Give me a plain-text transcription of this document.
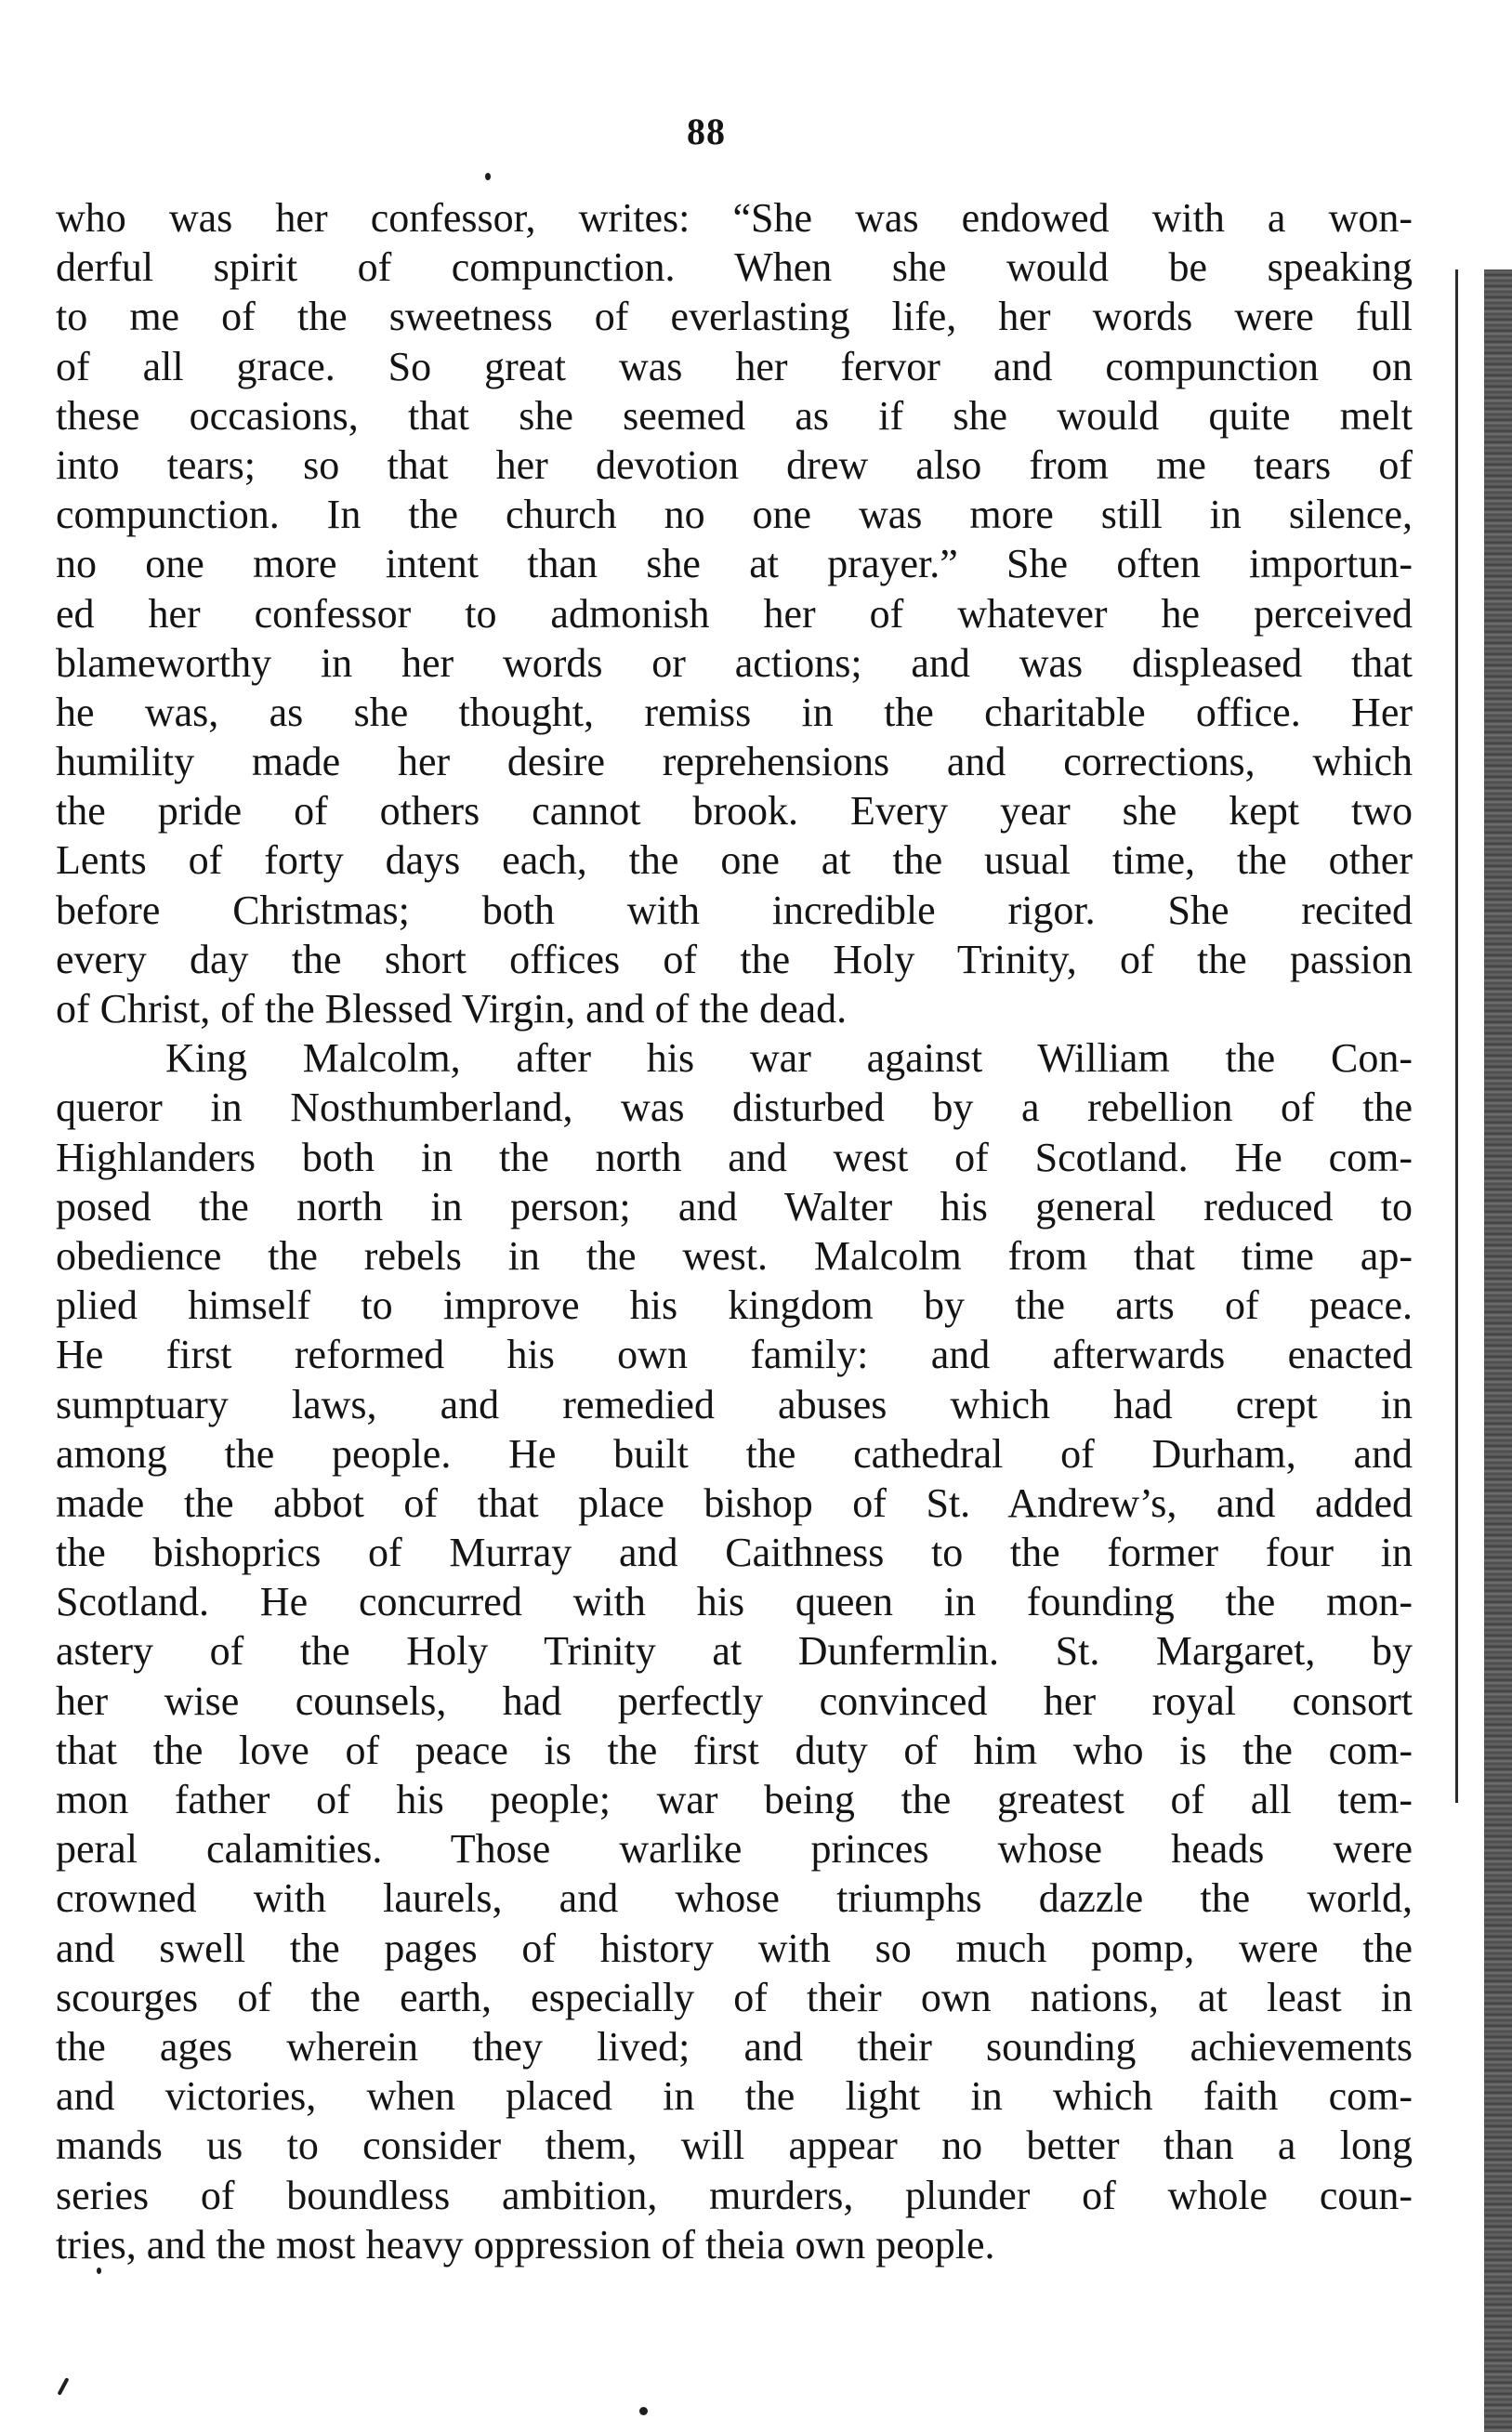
88
who was her confessor, writes: “She was endowed with a won-
derful spirit of compunction. When she would be speaking
to me of the sweetness of everlasting life, her words were full
of all grace. So great was her fervor and compunction on
these occasions, that she seemed as if she would quite melt
into tears; so that her devotion drew also from me tears of
compunction. In the church no one was more still in silence,
no one more intent than she at prayer.” She often importun-
ed her confessor to admonish her of whatever he perceived
blameworthy in her words or actions; and was displeased that
he was, as she thought, remiss in the charitable office. Her
humility made her desire reprehensions and corrections, which
the pride of others cannot brook. Every year she kept two
Lents of forty days each, the one at the usual time, the other
before Christmas; both with incredible rigor. She recited
every day the short offices of the Holy Trinity, of the passion
of Christ, of the Blessed Virgin, and of the dead.
King Malcolm, after his war against William the Con-
queror in Nosthumberland, was disturbed by a rebellion of the
Highlanders both in the north and west of Scotland. He com-
posed the north in person; and Walter his general reduced to
obedience the rebels in the west. Malcolm from that time ap-
plied himself to improve his kingdom by the arts of peace.
He first reformed his own family: and afterwards enacted
sumptuary laws, and remedied abuses which had crept in
among the people. He built the cathedral of Durham, and
made the abbot of that place bishop of St. Andrew’s, and added
the bishoprics of Murray and Caithness to the former four in
Scotland. He concurred with his queen in founding the mon-
astery of the Holy Trinity at Dunfermlin. St. Margaret, by
her wise counsels, had perfectly convinced her royal consort
that the love of peace is the first duty of him who is the com-
mon father of his people; war being the greatest of all tem-
peral calamities. Those warlike princes whose heads were
crowned with laurels, and whose triumphs dazzle the world,
and swell the pages of history with so much pomp, were the
scourges of the earth, especially of their own nations, at least in
the ages wherein they lived; and their sounding achievements
and victories, when placed in the light in which faith com-
mands us to consider them, will appear no better than a long
series of boundless ambition, murders, plunder of whole coun-
tries, and the most heavy oppression of theia own people.
